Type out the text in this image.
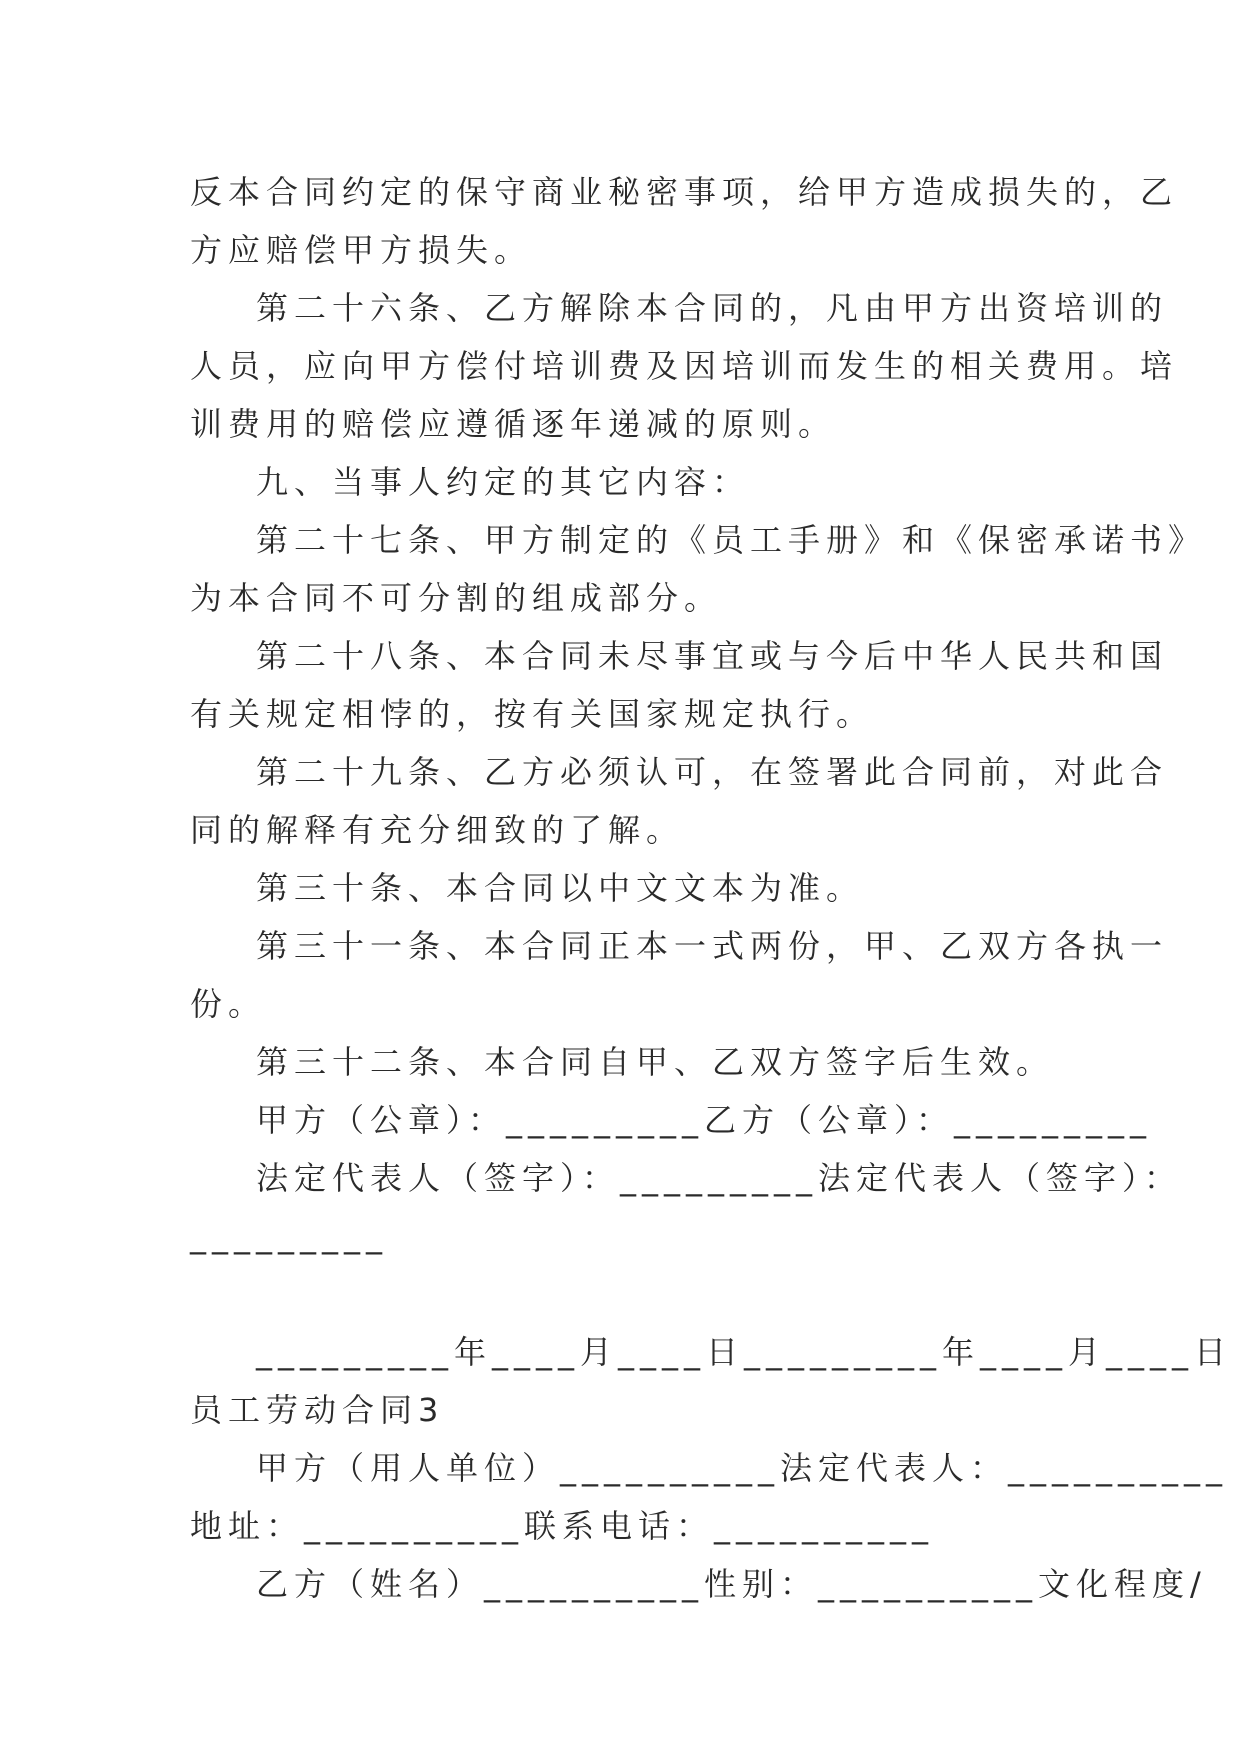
反本合同约定的保守商业秘密事项，给甲方造成损失的，乙
方应赔偿甲方损失。
第二十六条、乙方解除本合同的，凡由甲方出资培训的
人员，应向甲方偿付培训费及因培训而发生的相关费用。培
训费用的赔偿应遵循逐年递减的原则。
九、当事人约定的其它内容：
第二十七条、甲方制定的《员工手册》和《保密承诺书》
为本合同不可分割的组成部分。
第二十八条、本合同未尽事宜或与今后中华人民共和国
有关规定相悖的，按有关国家规定执行。
第二十九条、乙方必须认可，在签署此合同前，对此合
同的解释有充分细致的了解。
第三十条、本合同以中文文本为准。
第三十一条、本合同正本一式两份，甲、乙双方各执一
份。
第三十二条、本合同自甲、乙双方签字后生效。
甲方（公章）：_________乙方（公章）：_________
法定代表人（签字）：_________法定代表人（签字）：
_________
_________年____月____日_________年____月____日
员工劳动合同3
甲方（用人单位）__________法定代表人：__________
地址：__________联系电话：__________
乙方（姓名）__________性别：__________文化程度/
